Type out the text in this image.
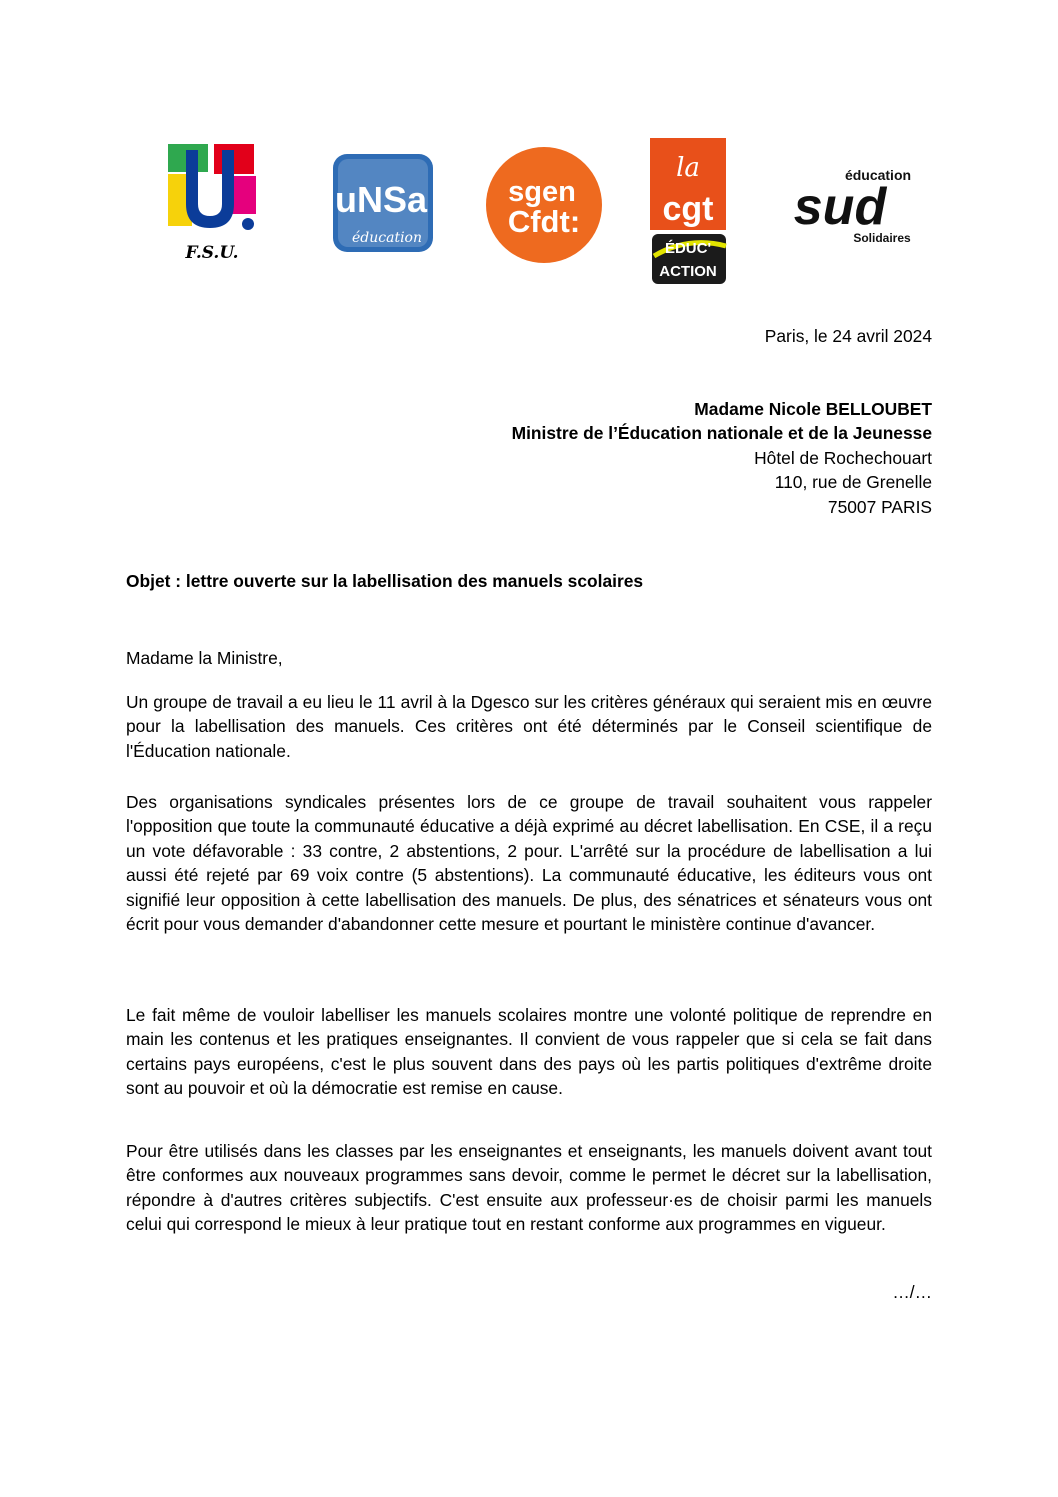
F.S.U.
uNSa
éducation
sgen
Cfdt:
la
cgt
ÉDUC'
ACTION
éducation
sud
Solidaires
Paris, le 24 avril 2024

Madame Nicole BELLOUBET

Ministre de l’Éducation nationale et de la Jeunesse

Hôtel de Rochechouart

110, rue de Grenelle

75007 PARIS

Objet : lettre ouverte sur la labellisation des manuels scolaires
Madame la Ministre,

Un groupe de travail a eu lieu le 11 avril à la Dgesco sur les critères généraux qui seraient mis en œuvre pour la labellisation des manuels. Ces critères ont été déterminés par le Conseil scientifique de l'Éducation nationale.

Des organisations syndicales présentes lors de ce groupe de travail souhaitent vous rappeler l'opposition que toute la communauté éducative a déjà exprimé au décret labellisation. En CSE, il a reçu un vote défavorable : 33 contre, 2 abstentions, 2 pour. L'arrêté sur la procédure de labellisation a lui aussi été rejeté par 69 voix contre (5 abstentions). La communauté éducative, les éditeurs vous ont signifié leur opposition à cette labellisation des manuels. De plus, des sénatrices et sénateurs vous ont écrit pour vous demander d'abandonner cette mesure et pourtant le ministère continue d'avancer.

Le fait même de vouloir labelliser les manuels scolaires montre une volonté politique de reprendre en main les contenus et les pratiques enseignantes. Il convient de vous rappeler que si cela se fait dans certains pays européens, c'est le plus souvent dans des pays où les partis politiques d'extrême droite sont au pouvoir et où la démocratie est remise en cause.

Pour être utilisés dans les classes par les enseignantes et enseignants, les manuels doivent avant tout être conformes aux nouveaux programmes sans devoir, comme le permet le décret sur la labellisation, répondre à d'autres critères subjectifs. C'est ensuite aux professeur·es de choisir parmi les manuels celui qui correspond le mieux à leur pratique tout en restant conforme aux programmes en vigueur.

…/…
